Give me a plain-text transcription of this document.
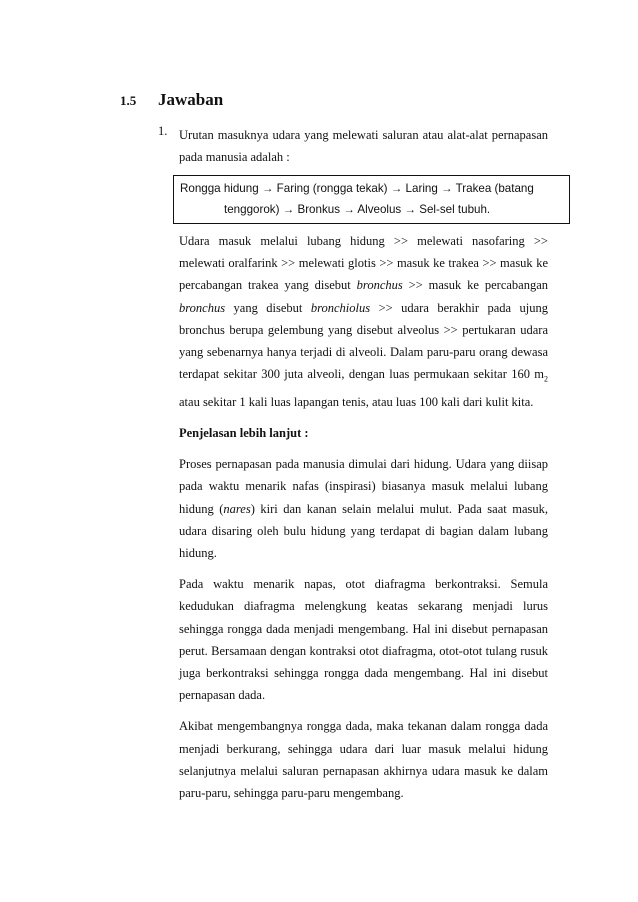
1.5 Jawaban
1. Urutan masuknya udara yang melewati saluran atau alat-alat pernapasan pada manusia adalah :

Rongga hidung → Faring (rongga tekak) → Laring → Trakea (batang
tenggorok) → Bronkus → Alveolus → Sel-sel tubuh.

Udara masuk melalui lubang hidung >> melewati nasofaring >> melewati oralfarink >> melewati glotis >> masuk ke trakea >> masuk ke percabangan trakea yang disebut bronchus >> masuk ke percabangan bronchus yang disebut bronchiolus >> udara berakhir pada ujung bronchus berupa gelembung yang disebut alveolus >> pertukaran udara yang sebenarnya hanya terjadi di alveoli. Dalam paru-paru orang dewasa terdapat sekitar 300 juta alveoli, dengan luas permukaan sekitar 160 $m_2$ atau sekitar 1 kali luas lapangan tenis, atau luas 100 kali dari kulit kita.

Penjelasan lebih lanjut :

Proses pernapasan pada manusia dimulai dari hidung. Udara yang diisap pada waktu menarik nafas (inspirasi) biasanya masuk melalui lubang hidung (nares) kiri dan kanan selain melalui mulut. Pada saat masuk, udara disaring oleh bulu hidung yang terdapat di bagian dalam lubang hidung.

Pada waktu menarik napas, otot diafragma berkontraksi. Semula kedudukan diafragma melengkung keatas sekarang menjadi lurus sehingga rongga dada menjadi mengembang. Hal ini disebut pernapasan perut. Bersamaan dengan kontraksi otot diafragma, otot-otot tulang rusuk juga berkontraksi sehingga rongga dada mengembang. Hal ini disebut pernapasan dada.

Akibat mengembangnya rongga dada, maka tekanan dalam rongga dada menjadi berkurang, sehingga udara dari luar masuk melalui hidung selanjutnya melalui saluran pernapasan akhirnya udara masuk ke dalam paru-paru, sehingga paru-paru mengembang.
